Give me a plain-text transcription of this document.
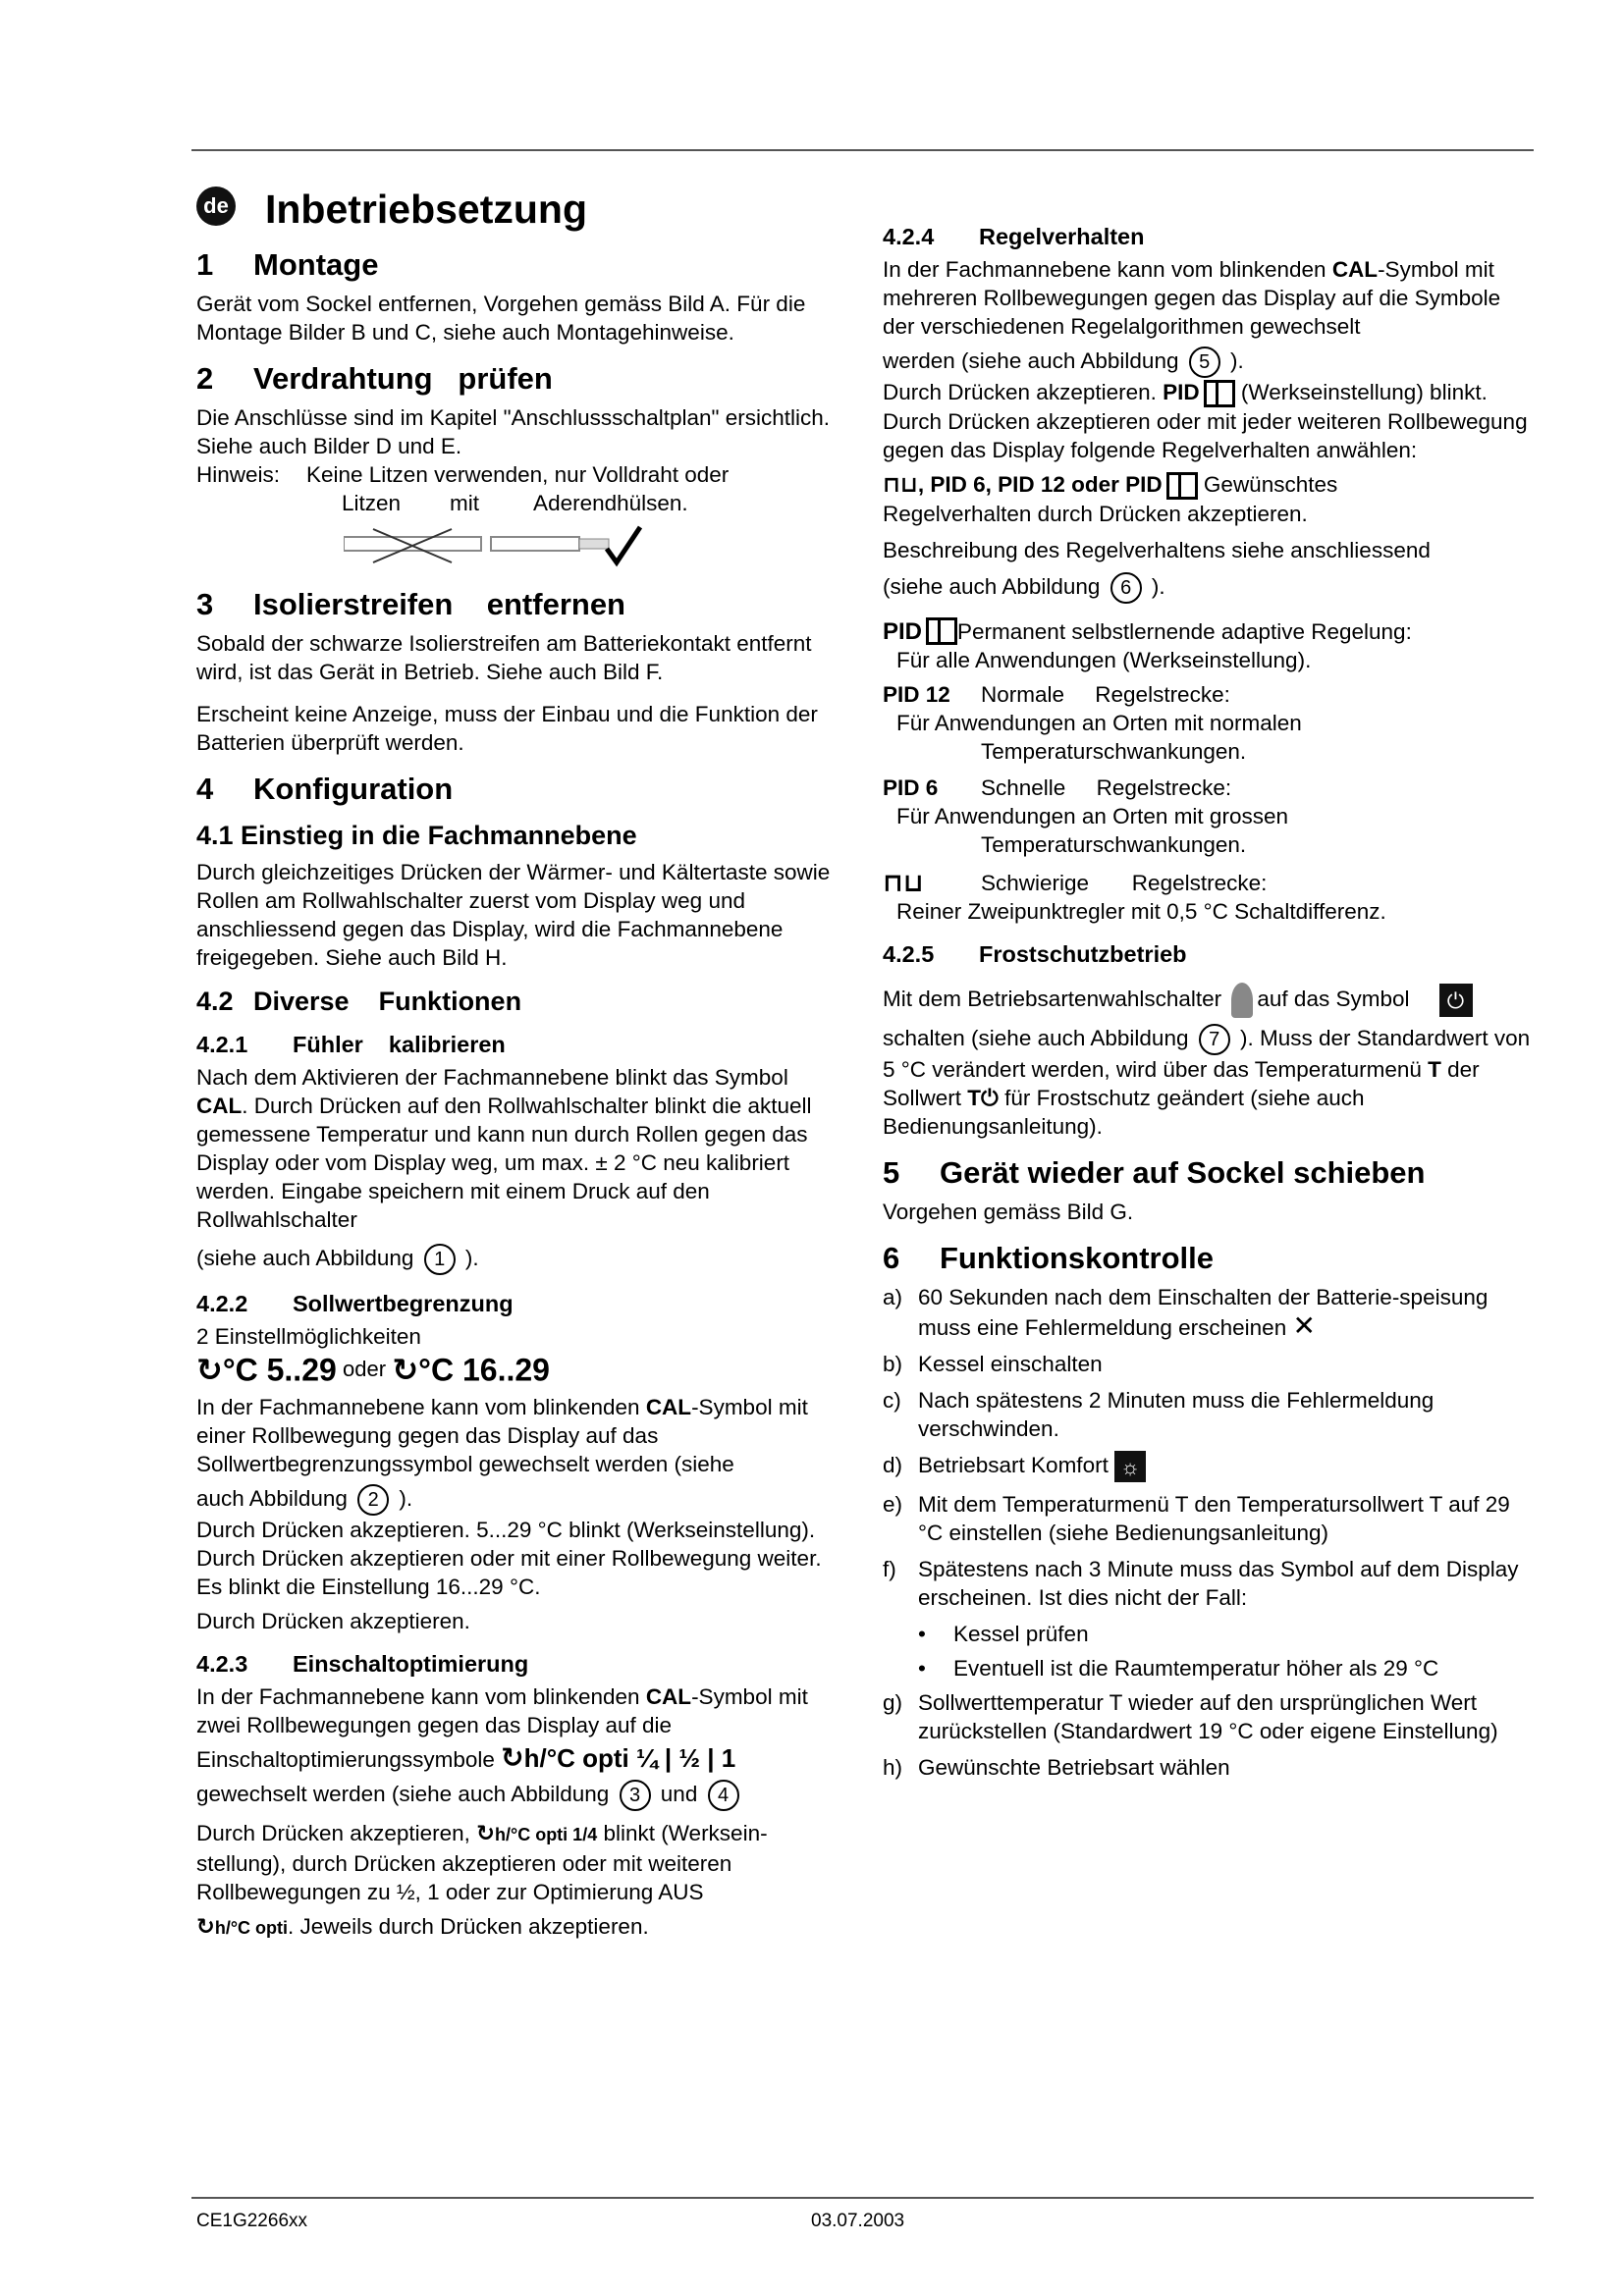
de Inbetriebsetzung
1 Montage

Gerät vom Sockel entfernen, Vorgehen gemäss Bild A. Für die Montage Bilder B und C, siehe auch Montagehinweise.

2 Verdrahtung   prüfen

Die Anschlüsse sind im Kapitel "Anschlussschaltplan" ersichtlich. Siehe auch Bilder D und E.

Hinweis:	Keine Litzen verwenden, nur Volldraht oder
Litzen        mit         Aderendhülsen.
3 Isolierstreifen    entfernen

Sobald der schwarze Isolierstreifen am Batteriekontakt entfernt wird, ist das Gerät in Betrieb. Siehe auch Bild F.

Erscheint keine Anzeige, muss der Einbau und die Funktion der Batterien überprüft werden.

4 Konfiguration
4.1 Einstieg in die Fachmannebene

Durch gleichzeitiges Drücken der Wärmer- und Kältertaste sowie Rollen am Rollwahlschalter zuerst vom Display weg und anschliessend gegen das Display, wird die Fachmannebene freigegeben. Siehe auch Bild H.

4.2 Diverse    Funktionen
4.2.1 Fühler    kalibrieren

Nach dem Aktivieren der Fachmannebene blinkt das Symbol CAL. Durch Drücken auf den Rollwahlschalter blinkt die aktuell gemessene Temperatur und kann nun durch Rollen gegen das Display oder vom Display weg, um max. ± 2 °C neu kalibriert werden. Eingabe speichern mit einem Druck auf den Rollwahlschalter

(siehe auch Abbildung 1 ).

4.2.2 Sollwertbegrenzung

2 Einstellmöglichkeiten

↻°C 5..29 oder ↻°C 16..29

In der Fachmannebene kann vom blinkenden CAL-Symbol mit einer Rollbewegung gegen das Display auf das Sollwertbegrenzungssymbol gewechselt werden (siehe

auch Abbildung 2 ).

Durch Drücken akzeptieren. 5...29 °C blinkt (Werkseinstellung). Durch Drücken akzeptieren oder mit einer Rollbewegung weiter.

Es blinkt die Einstellung 16...29 °C.

Durch Drücken akzeptieren.

4.2.3 Einschaltoptimierung

In der Fachmannebene kann vom blinkenden CAL-Symbol mit zwei Rollbewegungen gegen das Display auf die

Einschaltoptimierungssymbole ↻h/°C opti ¼ | ½ | 1

gewechselt werden (siehe auch Abbildung 3 und 4

Durch Drücken akzeptieren, ↻h/°C opti 1/4 blinkt (Werksein-stellung), durch Drücken akzeptieren oder mit weiteren Rollbewegungen zu ½, 1 oder zur Optimierung AUS

↻h/°C opti. Jeweils durch Drücken akzeptieren.

4.2.4 Regelverhalten

In der Fachmannebene kann vom blinkenden CAL-Symbol mit mehreren Rollbewegungen gegen das Display auf die Symbole der verschiedenen Regelalgorithmen gewechselt

werden (siehe auch Abbildung 5 ).

Durch Drücken akzeptieren. PID (Werkseinstellung) blinkt. Durch Drücken akzeptieren oder mit jeder weiteren Rollbewegung gegen das Display folgende Regelverhalten anwählen:

⊓⊔, PID 6, PID 12 oder PID Gewünschtes

Regelverhalten durch Drücken akzeptieren.

Beschreibung des Regelverhaltens siehe anschliessend

(siehe auch Abbildung 6 ).

PID Permanent selbstlernende adaptive Regelung:
Für alle Anwendungen (Werkseinstellung).
PID 12	Normale     Regelstrecke:
Für Anwendungen an Orten mit normalen
Temperaturschwankungen.
PID 6	Schnelle     Regelstrecke:
Für Anwendungen an Orten mit grossen
Temperaturschwankungen.
⊓⊔	Schwierige       Regelstrecke:
Reiner Zweipunktregler mit 0,5 °C Schaltdifferenz.
4.2.5 Frostschutzbetrieb

Mit dem Betriebsartenwahlschalter auf das Symbol ⏻

schalten (siehe auch Abbildung 7 ). Muss der Standardwert von 5 °C verändert werden, wird über das Temperaturmenü T der Sollwert T⏻ für Frostschutz geändert (siehe auch Bedienungsanleitung).

5 Gerät wieder auf Sockel schieben

Vorgehen gemäss Bild G.

6 Funktionskontrolle
a) 60 Sekunden nach dem Einschalten der Batterie-speisung muss eine Fehlermeldung erscheinen ✕
b) Kessel einschalten
c) Nach spätestens 2 Minuten muss die Fehlermeldung verschwinden.
d) Betriebsart Komfort ☼
e) Mit dem Temperaturmenü T den Temperatursollwert T auf 29 °C einstellen (siehe Bedienungsanleitung)
f) Spätestens nach 3 Minute muss das Symbol auf dem Display erscheinen. Ist dies nicht der Fall:
•	Kessel prüfen
•	Eventuell ist die Raumtemperatur höher als 29 °C
g) Sollwerttemperatur T wieder auf den ursprünglichen Wert zurückstellen (Standardwert 19 °C oder eigene Einstellung)
h) Gewünschte Betriebsart wählen
CE1G2266xx	03.07.2003
